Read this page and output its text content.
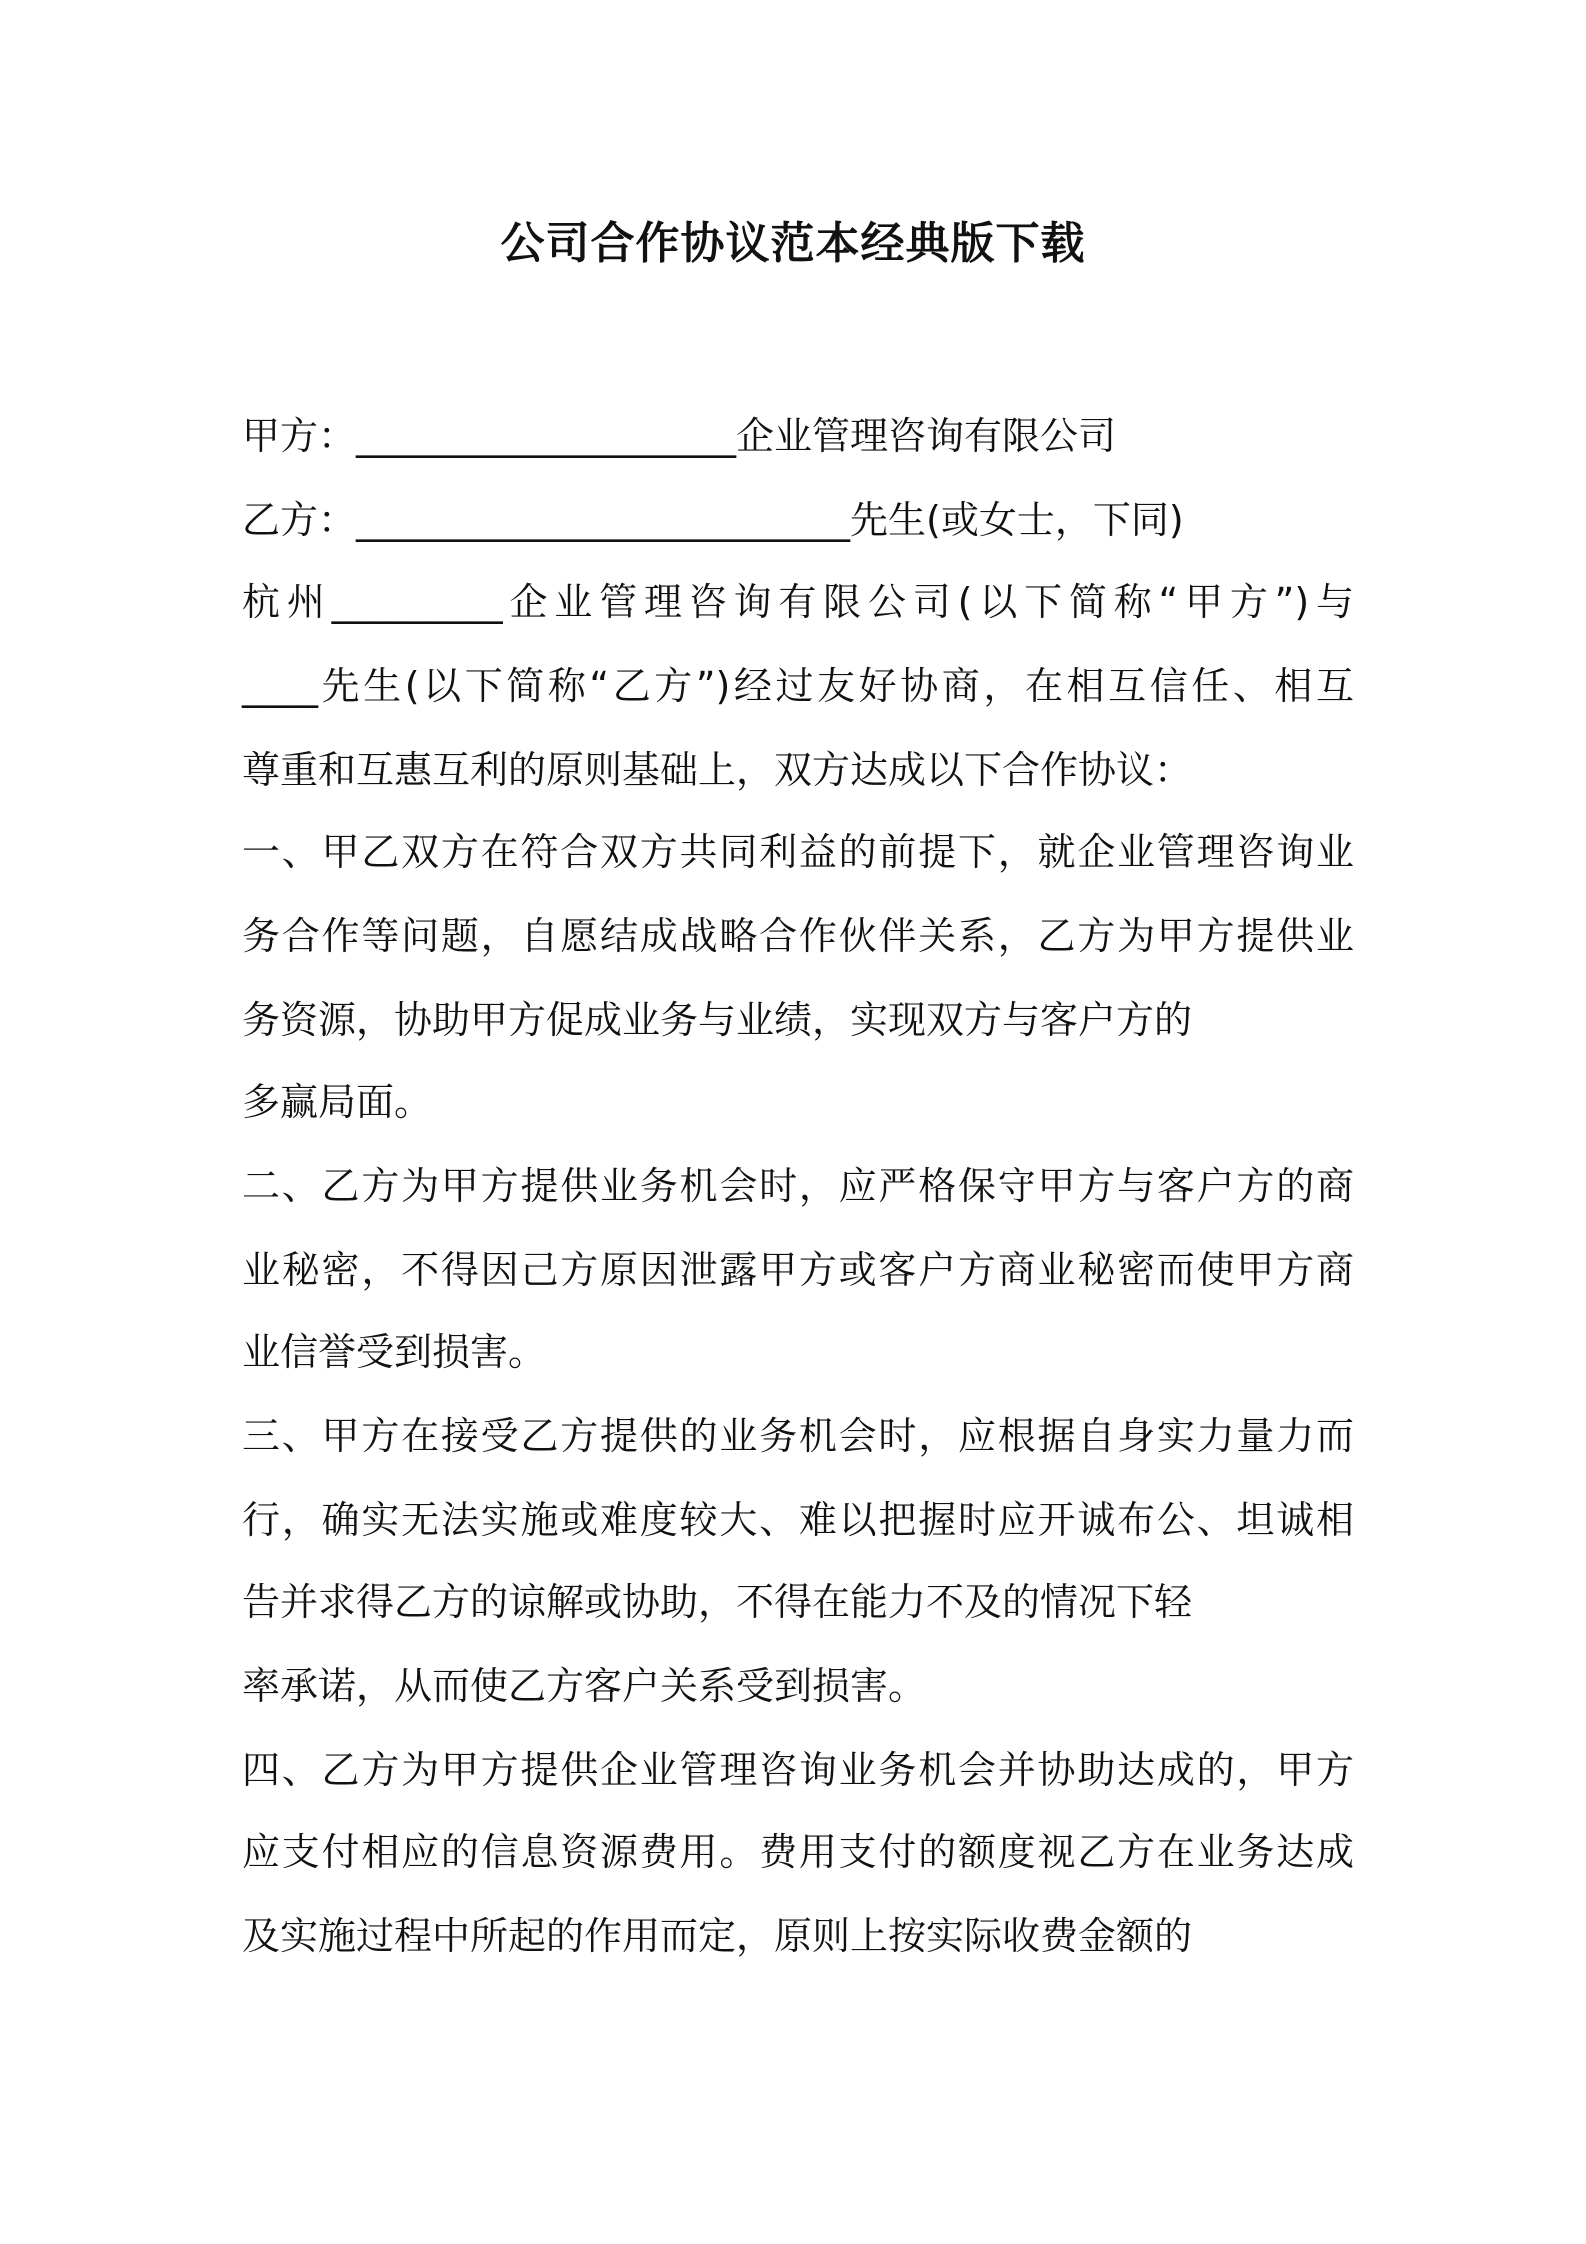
公司合作协议范本经典版下载
甲方：____________________企业管理咨询有限公司
乙方：__________________________先生(或女士，下同)
杭州_________企业管理咨询有限公司(以下简称“甲方”)与
____先生(以下简称“乙方”)经过友好协商，在相互信任、相互
尊重和互惠互利的原则基础上，双方达成以下合作协议：
一、甲乙双方在符合双方共同利益的前提下，就企业管理咨询业
务合作等问题，自愿结成战略合作伙伴关系，乙方为甲方提供业
务资源，协助甲方促成业务与业绩，实现双方与客户方的
多赢局面。
二、乙方为甲方提供业务机会时，应严格保守甲方与客户方的商
业秘密，不得因己方原因泄露甲方或客户方商业秘密而使甲方商
业信誉受到损害。
三、甲方在接受乙方提供的业务机会时，应根据自身实力量力而
行，确实无法实施或难度较大、难以把握时应开诚布公、坦诚相
告并求得乙方的谅解或协助，不得在能力不及的情况下轻
率承诺，从而使乙方客户关系受到损害。
四、乙方为甲方提供企业管理咨询业务机会并协助达成的，甲方
应支付相应的信息资源费用。费用支付的额度视乙方在业务达成
及实施过程中所起的作用而定，原则上按实际收费金额的
